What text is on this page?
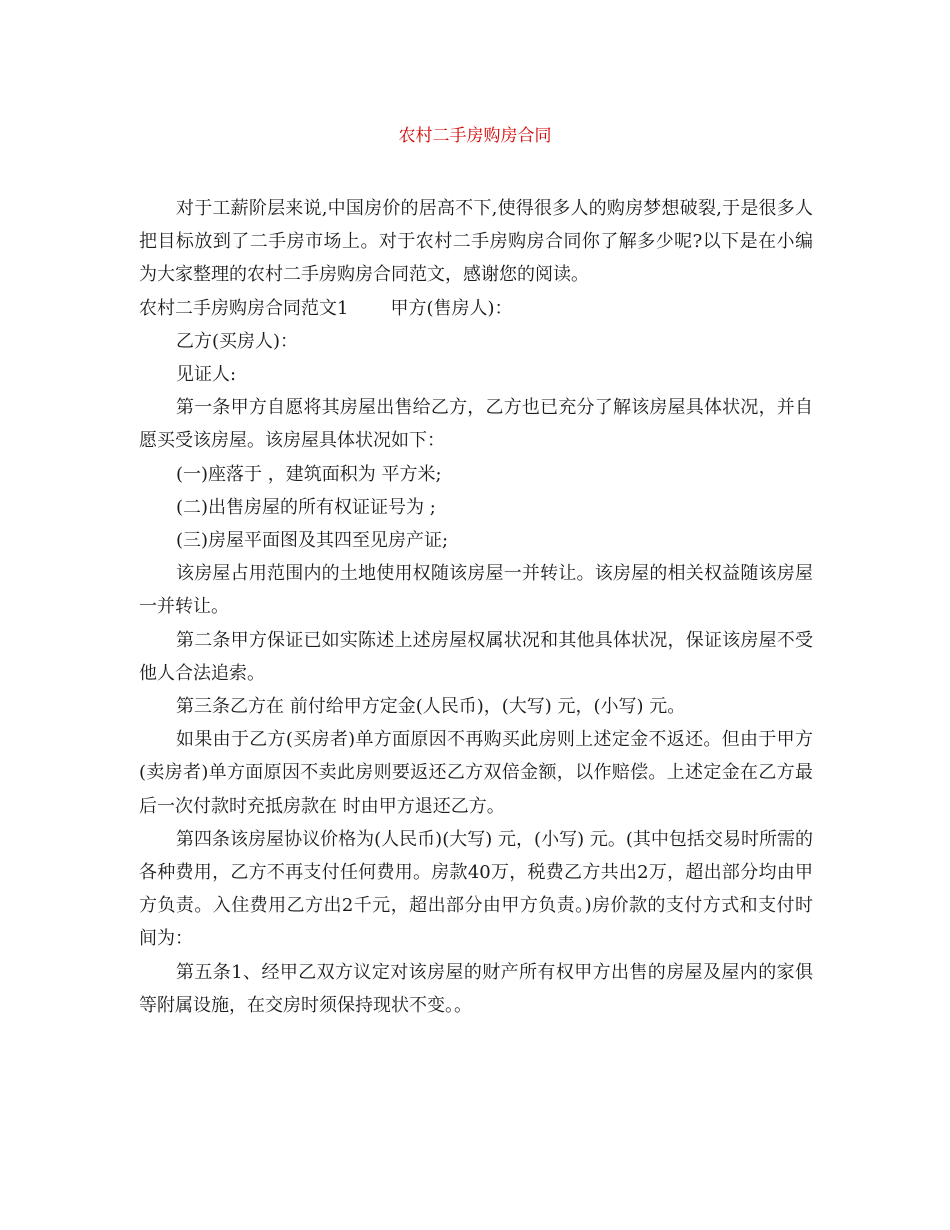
农村二手房购房合同

对于工薪阶层来说,中国房价的居高不下,使得很多人的购房梦想破裂,于是很多人把目标放到了二手房市场上。对于农村二手房购房合同你了解多少呢?以下是在小编为大家整理的农村二手房购房合同范文，感谢您的阅读。

农村二手房购房合同范文1 甲方(售房人)：

乙方(买房人)：

见证人:

第一条甲方自愿将其房屋出售给乙方，乙方也已充分了解该房屋具体状况，并自愿买受该房屋。该房屋具体状况如下：

(一)座落于 ，建筑面积为 平方米;

(二)出售房屋的所有权证证号为 ;

(三)房屋平面图及其四至见房产证;

该房屋占用范围内的土地使用权随该房屋一并转让。该房屋的相关权益随该房屋一并转让。

第二条甲方保证已如实陈述上述房屋权属状况和其他具体状况，保证该房屋不受他人合法追索。

第三条乙方在 前付给甲方定金(人民币)，(大写) 元，(小写) 元。

如果由于乙方(买房者)单方面原因不再购买此房则上述定金不返还。但由于甲方(卖房者)单方面原因不卖此房则要返还乙方双倍金额，以作赔偿。上述定金在乙方最后一次付款时充抵房款在 时由甲方退还乙方。

第四条该房屋协议价格为(人民币)(大写) 元，(小写) 元。(其中包括交易时所需的各种费用，乙方不再支付任何费用。房款40万，税费乙方共出2万，超出部分均由甲方负责。入住费用乙方出2千元，超出部分由甲方负责。)房价款的支付方式和支付时间为：

第五条1、经甲乙双方议定对该房屋的财产所有权甲方出售的房屋及屋内的家俱等附属设施，在交房时须保持现状不变。。
